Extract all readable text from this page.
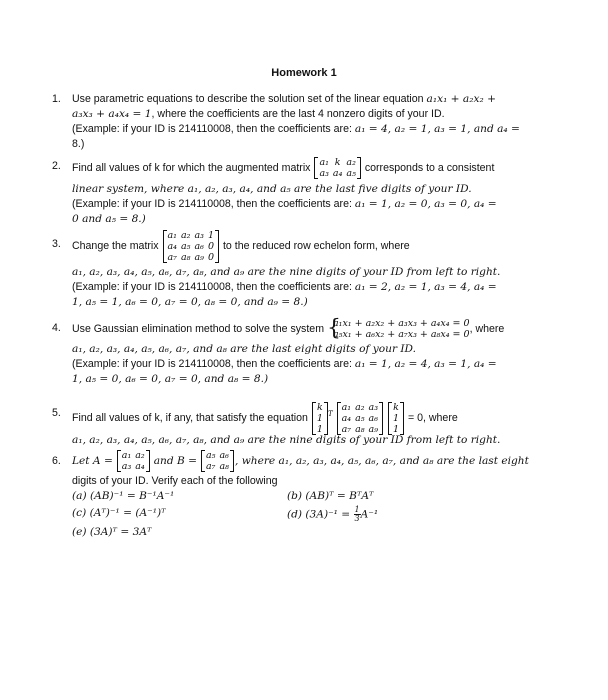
Homework 1
1.	Use parametric equations to describe the solution set of the linear equation a₁x₁ + a₂x₂ +
a₃x₃ + a₄x₄ = 1, where the coefficients are the last 4 nonzero digits of your ID.
(Example: if your ID is 214110008, then the coefficients are: a₁ = 4, a₂ = 1, a₃ = 1, and a₄ =
8.)
2.	Find all values of k for which the augmented matrix a₁	k	a₂
a₃	a₄	a₅ corresponds to a consistent
linear system, where a₁, a₂, a₃, a₄, and a₅ are the last five digits of your ID.
(Example: if your ID is 214110008, then the coefficients are: a₁ = 1, a₂ = 0, a₃ = 0, a₄ =
0 and a₅ = 8.)
3.	Change the matrix
a₁	a₂	a₃	1
a₄	a₅	a₆	0
a₇	a₈	a₉	0
to the reduced row echelon form, where
a₁, a₂, a₃, a₄, a₅, a₆, a₇, a₈, and a₉ are the nine digits of your ID from left to right.
(Example: if your ID is 214110008, then the coefficients are: a₁ = 2, a₂ = 1, a₃ = 4, a₄ =
1, a₅ = 1, a₆ = 0, a₇ = 0, a₈ = 0, and a₉ = 8.)
4.	Use Gaussian elimination method to solve the system {
a₁x₁ + a₂x₂ + a₃x₃ + a₄x₄ = 0
a₅x₁ + a₆x₂ + a₇x₃ + a₈x₄ = 0 , where
a₁, a₂, a₃, a₄, a₅, a₆, a₇, and a₈ are the last eight digits of your ID.
(Example: if your ID is 214110008, then the coefficients are: a₁ = 1, a₂ = 4, a₃ = 1, a₄ =
1, a₅ = 0, a₆ = 0, a₇ = 0, and a₈ = 8.)
5.	Find all values of k, if any, that satisfy the equation
k
1
1
$^T$
a₁	a₂	a₃
a₄	a₅	a₆
a₇	a₈	a₉

k
1
1
= 0, where
a₁, a₂, a₃, a₄, a₅, a₆, a₇, a₈, and a₉ are the nine digits of your ID from left to right.
6.	Let A = a₁	a₂
a₃	a₄ and B = a₅	a₆
a₇	a₈ , where a₁, a₂, a₃, a₄, a₅, a₆, a₇, and a₈ are the last eight
digits of your ID. Verify each of the following
(a) (AB)⁻¹ = B⁻¹A⁻¹	(b) (AB)ᵀ = BᵀAᵀ
(c) (Aᵀ)⁻¹ = (A⁻¹)ᵀ	(d) $(3A)^{-1} = \frac{1}{3} A^{-1}$
(e) (3A)ᵀ = 3Aᵀ
